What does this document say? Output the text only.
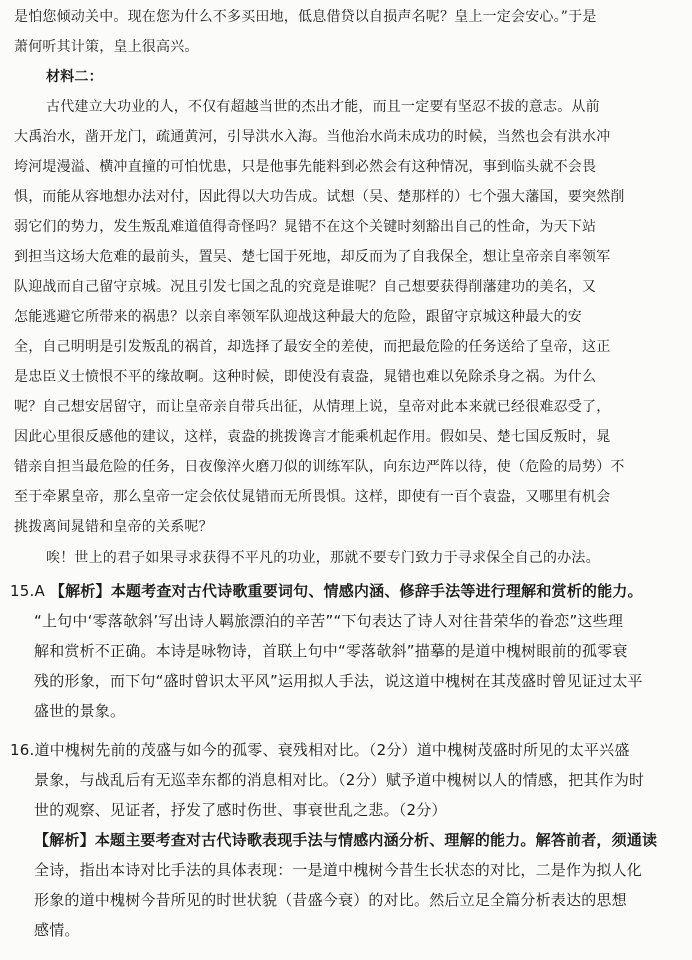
是怕您倾动关中。现在您为什么不多买田地，低息借贷以自损声名呢？皇上一定会安心。”于是
萧何听其计策，皇上很高兴。
材料二：
古代建立大功业的人，不仅有超越当世的杰出才能，而且一定要有坚忍不拔的意志。从前
大禹治水，凿开龙门，疏通黄河，引导洪水入海。当他治水尚未成功的时候，当然也会有洪水冲
垮河堤漫溢、横冲直撞的可怕忧患，只是他事先能料到必然会有这种情况，事到临头就不会畏
惧，而能从容地想办法对付，因此得以大功告成。试想（吴、楚那样的）七个强大藩国，要突然削
弱它们的势力，发生叛乱难道值得奇怪吗？晁错不在这个关键时刻豁出自己的性命，为天下站
到担当这场大危难的最前头，置吴、楚七国于死地，却反而为了自我保全，想让皇帝亲自率领军
队迎战而自己留守京城。况且引发七国之乱的究竟是谁呢？自己想要获得削藩建功的美名，又
怎能逃避它所带来的祸患？以亲自率领军队迎战这种最大的危险，跟留守京城这种最大的安
全，自己明明是引发叛乱的祸首，却选择了最安全的差使，而把最危险的任务送给了皇帝，这正
是忠臣义士愤恨不平的缘故啊。这种时候，即使没有袁盎，晁错也难以免除杀身之祸。为什么
呢？自己想安居留守，而让皇帝亲自带兵出征，从情理上说，皇帝对此本来就已经很难忍受了，
因此心里很反感他的建议，这样，袁盎的挑拨谗言才能乘机起作用。假如吴、楚七国反叛时，晁
错亲自担当最危险的任务，日夜像淬火磨刀似的训练军队，向东边严阵以待，使（危险的局势）不
至于牵累皇帝，那么皇帝一定会依仗晁错而无所畏惧。这样，即使有一百个袁盎，又哪里有机会
挑拨离间晁错和皇帝的关系呢？
唉！世上的君子如果寻求获得不平凡的功业，那就不要专门致力于寻求保全自己的办法。
15.A 【解析】本题考查对古代诗歌重要词句、情感内涵、修辞手法等进行理解和赏析的能力。
“上句中‘零落欹斜’写出诗人羁旅漂泊的辛苦”“下句表达了诗人对往昔荣华的眷恋”这些理
解和赏析不正确。本诗是咏物诗，首联上句中“零落欹斜”描摹的是道中槐树眼前的孤零衰
残的形象，而下句“盛时曾识太平风”运用拟人手法，说这道中槐树在其茂盛时曾见证过太平
盛世的景象。
16.道中槐树先前的茂盛与如今的孤零、衰残相对比。（2分）道中槐树茂盛时所见的太平兴盛
景象，与战乱后有无巡幸东都的消息相对比。（2分）赋予道中槐树以人的情感，把其作为时
世的观察、见证者，抒发了感时伤世、事衰世乱之悲。（2分）
【解析】本题主要考查对古代诗歌表现手法与情感内涵分析、理解的能力。解答前者，须通读
全诗，指出本诗对比手法的具体表现：一是道中槐树今昔生长状态的对比，二是作为拟人化
形象的道中槐树今昔所见的时世状貌（昔盛今衰）的对比。然后立足全篇分析表达的思想
感情。
